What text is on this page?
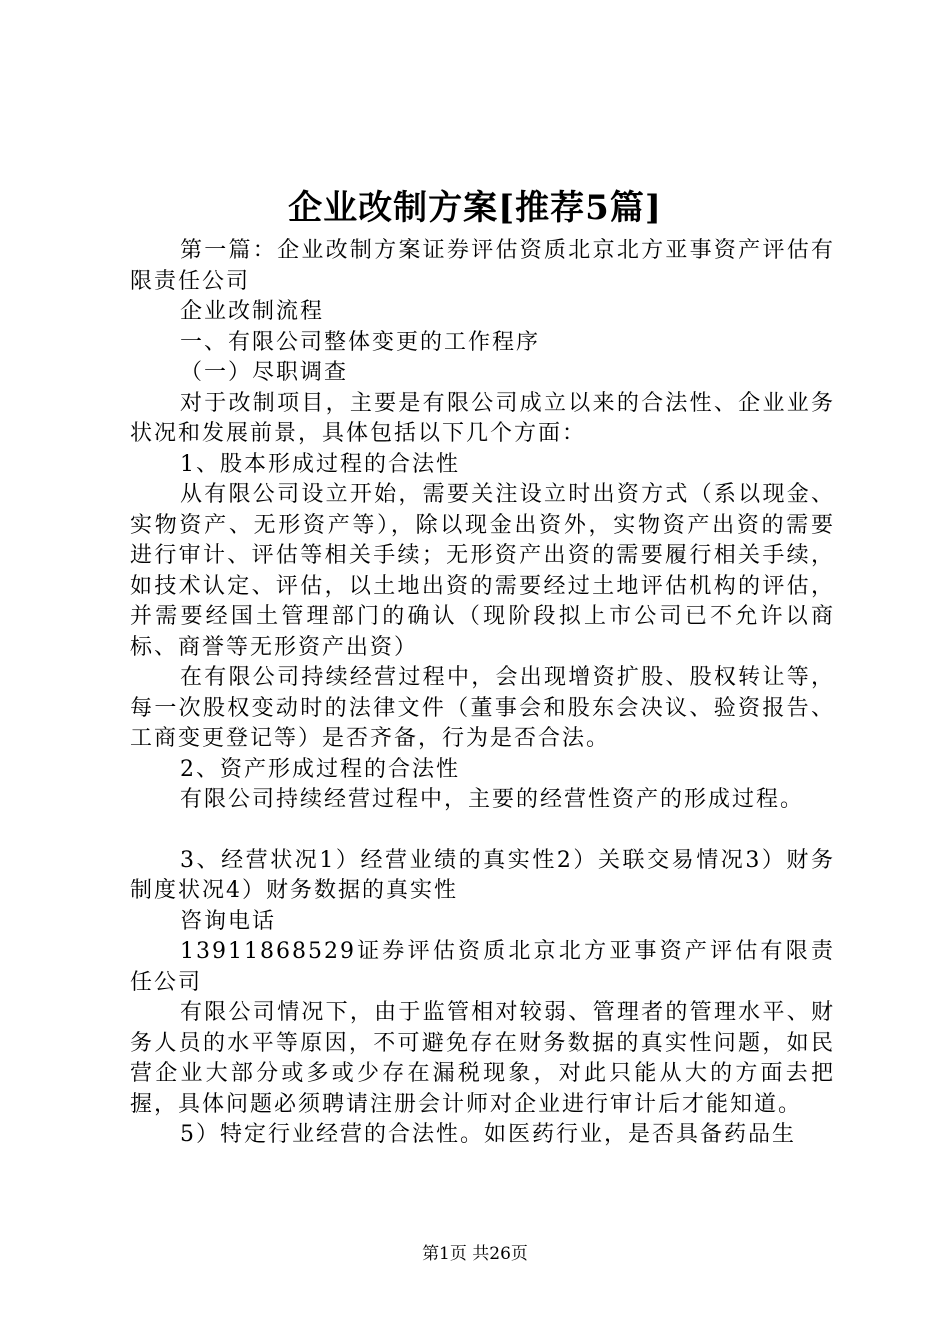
企业改制方案[推荐5篇]

第一篇：企业改制方案证券评估资质北京北方亚事资产评估有限责任公司

企业改制流程

一、有限公司整体变更的工作程序

（一）尽职调查

对于改制项目，主要是有限公司成立以来的合法性、企业业务状况和发展前景，具体包括以下几个方面：

1、股本形成过程的合法性

从有限公司设立开始，需要关注设立时出资方式（系以现金、实物资产、无形资产等），除以现金出资外，实物资产出资的需要进行审计、评估等相关手续；无形资产出资的需要履行相关手续，如技术认定、评估，以土地出资的需要经过土地评估机构的评估，并需要经国土管理部门的确认（现阶段拟上市公司已不允许以商标、商誉等无形资产出资）

在有限公司持续经营过程中，会出现增资扩股、股权转让等，每一次股权变动时的法律文件（董事会和股东会决议、验资报告、工商变更登记等）是否齐备，行为是否合法。

2、资产形成过程的合法性

有限公司持续经营过程中，主要的经营性资产的形成过程。

3、经营状况1）经营业绩的真实性2）关联交易情况3）财务制度状况4）财务数据的真实性

咨询电话

13911868529证券评估资质北京北方亚事资产评估有限责任公司

有限公司情况下，由于监管相对较弱、管理者的管理水平、财务人员的水平等原因，不可避免存在财务数据的真实性问题，如民营企业大部分或多或少存在漏税现象，对此只能从大的方面去把握，具体问题必须聘请注册会计师对企业进行审计后才能知道。

5）特定行业经营的合法性。如医药行业，是否具备药品生

第1页 共26页
